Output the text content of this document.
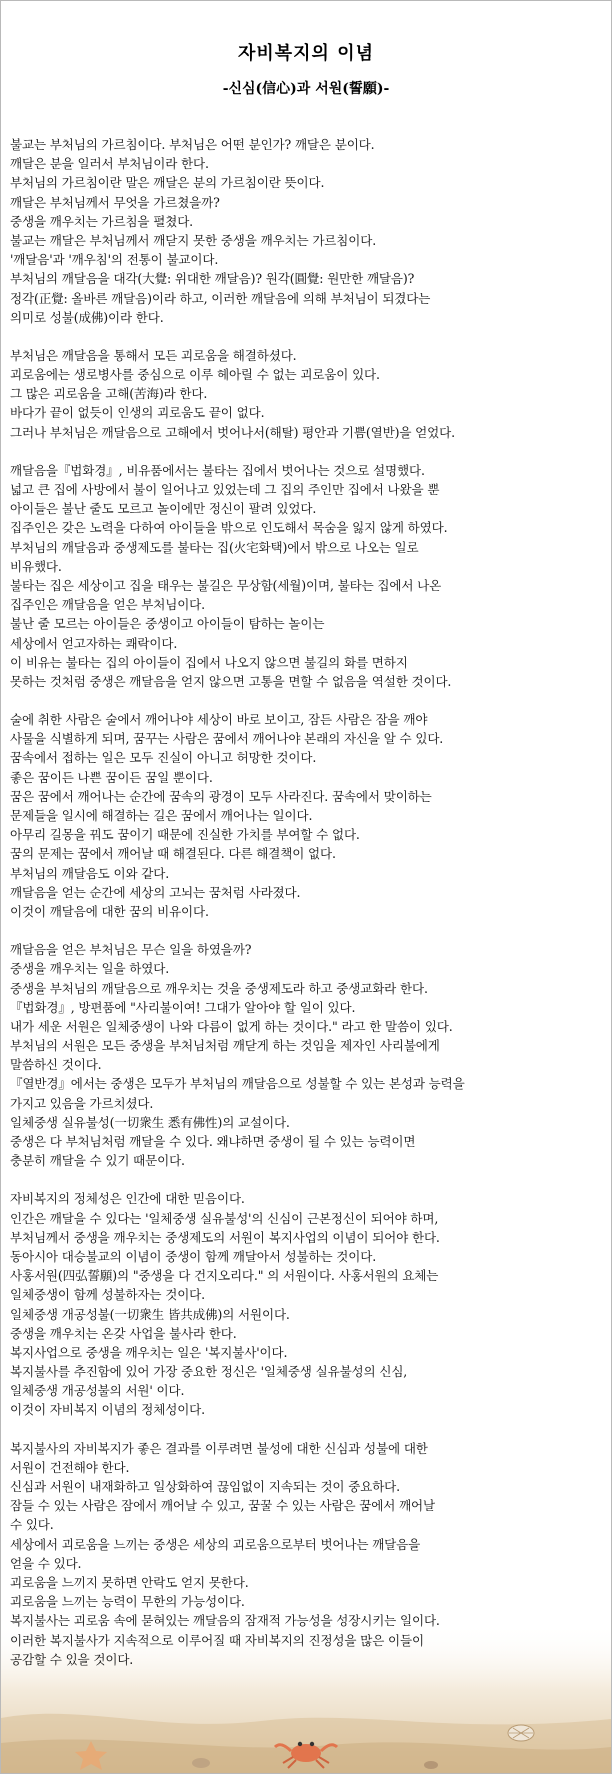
자비복지의 이념
-신심(信心)과 서원(誓願)-
불교는 부처님의 가르침이다. 부처님은 어떤 분인가? 깨달은 분이다.
깨달은 분을 일러서 부처님이라 한다.
부처님의 가르침이란 말은 깨달은 분의 가르침이란 뜻이다.
깨달은 부처님께서 무엇을 가르쳤을까?
중생을 깨우치는 가르침을 펼쳤다.
불교는 깨달은 부처님께서 깨닫지 못한 중생을 깨우치는 가르침이다.
'깨달음'과 '깨우침'의 전통이 불교이다.
부처님의 깨달음을 대각(大覺: 위대한 깨달음)? 원각(圓覺: 원만한 깨달음)?
정각(正覺: 올바른 깨달음)이라 하고, 이러한 깨달음에 의해 부처님이 되겼다는
의미로 성불(成佛)이라 한다.
부처님은 깨달음을 통해서 모든 괴로움을 해결하셨다.
괴로움에는 생로병사를 중심으로 이루 헤아릴 수 없는 괴로움이 있다.
그 많은 괴로움을 고해(苦海)라 한다.
바다가 끝이 없듯이 인생의 괴로움도 끝이 없다.
그러나 부처님은 깨달음으로 고해에서 벗어나서(해탈) 평안과 기쁨(열반)을 얻었다.
깨달음을『법화경』, 비유품에서는 불타는 집에서 벗어나는 것으로 설명했다.
넓고 큰 집에 사방에서 불이 일어나고 있었는데 그 집의 주인만 집에서 나왔을 뿐
아이들은 불난 줄도 모르고 놀이에만 정신이 팔려 있었다.
집주인은 갖은 노력을 다하여 아이들을 밖으로 인도해서 목숨을 잃지 않게 하였다.
부처님의 깨달음과 중생제도를 불타는 집(火宅화택)에서 밖으로 나오는 일로
비유했다.
불타는 집은 세상이고 집을 태우는 불길은 무상함(세월)이며, 불타는 집에서 나온
집주인은 깨달음을 얻은 부처님이다.
불난 줄 모르는 아이들은 중생이고 아이들이 탐하는 놀이는
세상에서 얻고자하는 쾌락이다.
이 비유는 불타는 집의 아이들이 집에서 나오지 않으면 불길의 화를 면하지
못하는 것처럼 중생은 깨달음을 얻지 않으면 고통을 면할 수 없음을 역설한 것이다.
술에 취한 사람은 술에서 깨어나야 세상이 바로 보이고, 잠든 사람은 잠을 깨야
사물을 식별하게 되며, 꿈꾸는 사람은 꿈에서 깨어나야 본래의 자신을 알 수 있다.
꿈속에서 접하는 일은 모두 진실이 아니고 허망한 것이다.
좋은 꿈이든 나쁜 꿈이든 꿈일 뿐이다.
꿈은 꿈에서 깨어나는 순간에 꿈속의 광경이 모두 사라진다. 꿈속에서 맞이하는
문제들을 일시에 해결하는 길은 꿈에서 깨어나는 일이다.
아무리 길몽을 꿔도 꿈이기 때문에 진실한 가치를 부여할 수 없다.
꿈의 문제는 꿈에서 깨어날 때 해결된다. 다른 해결책이 없다.
부처님의 깨달음도 이와 같다.
깨달음을 얻는 순간에 세상의 고뇌는 꿈처럼 사라졌다.
이것이 깨달음에 대한 꿈의 비유이다.
깨달음을 얻은 부처님은 무슨 일을 하였을까?
중생을 깨우치는 일을 하였다.
중생을 부처님의 깨달음으로 깨우치는 것을 중생제도라 하고 중생교화라 한다.
『법화경』, 방편품에 "사리불이여! 그대가 알아야 할 일이 있다.
내가 세운 서원은 일체중생이 나와 다름이 없게 하는 것이다." 라고 한 말씀이 있다.
부처님의 서원은 모든 중생을 부처님처럼 깨닫게 하는 것임을 제자인 사리불에게
말씀하신 것이다.
『열반경』에서는 중생은 모두가 부처님의 깨달음으로 성불할 수 있는 본성과 능력을
가지고 있음을 가르치셨다.
일체중생 실유불성(一切衆生 悉有佛性)의 교설이다.
중생은 다 부처님처럼 깨달을 수 있다. 왜냐하면 중생이 될 수 있는 능력이면
충분히 깨달을 수 있기 때문이다.
자비복지의 정체성은 인간에 대한 믿음이다.
인간은 깨달을 수 있다는 '일체중생 실유불성'의 신심이 근본정신이 되어야 하며,
부처님께서 중생을 깨우치는 중생제도의 서원이 복지사업의 이념이 되어야 한다.
동아시아 대승불교의 이념이 중생이 함께 깨달아서 성불하는 것이다.
사홍서원(四弘誓願)의 "중생을 다 건지오리다." 의 서원이다. 사홍서원의 요체는
일체중생이 함께 성불하자는 것이다.
일체중생 개공성불(一切衆生 皆共成佛)의 서원이다.
중생을 깨우치는 온갖 사업을 불사라 한다.
복지사업으로 중생을 깨우치는 일은 '복지불사'이다.
복지불사를 추진함에 있어 가장 중요한 정신은 '일체중생 실유불성의 신심,
일체중생 개공성불의 서원' 이다.
이것이 자비복지 이념의 정체성이다.
복지불사의 자비복지가 좋은 결과를 이루려면 불성에 대한 신심과 성불에 대한
서원이 건전해야 한다.
신심과 서원이 내재화하고 일상화하여 끊임없이 지속되는 것이 중요하다.
잠들 수 있는 사람은 잠에서 깨어날 수 있고, 꿈꿀 수 있는 사람은 꿈에서 깨어날
수 있다.
세상에서 괴로움을 느끼는 중생은 세상의 괴로움으로부터 벗어나는 깨달음을
얻을 수 있다.
괴로움을 느끼지 못하면 안락도 얻지 못한다.
괴로움을 느끼는 능력이 무한의 가능성이다.
복지불사는 괴로움 속에 묻혀있는 깨달음의 잠재적 가능성을 성장시키는 일이다.
이러한 복지불사가 지속적으로 이루어질 때 자비복지의 진정성을 많은 이들이
공감할 수 있을 것이다.
